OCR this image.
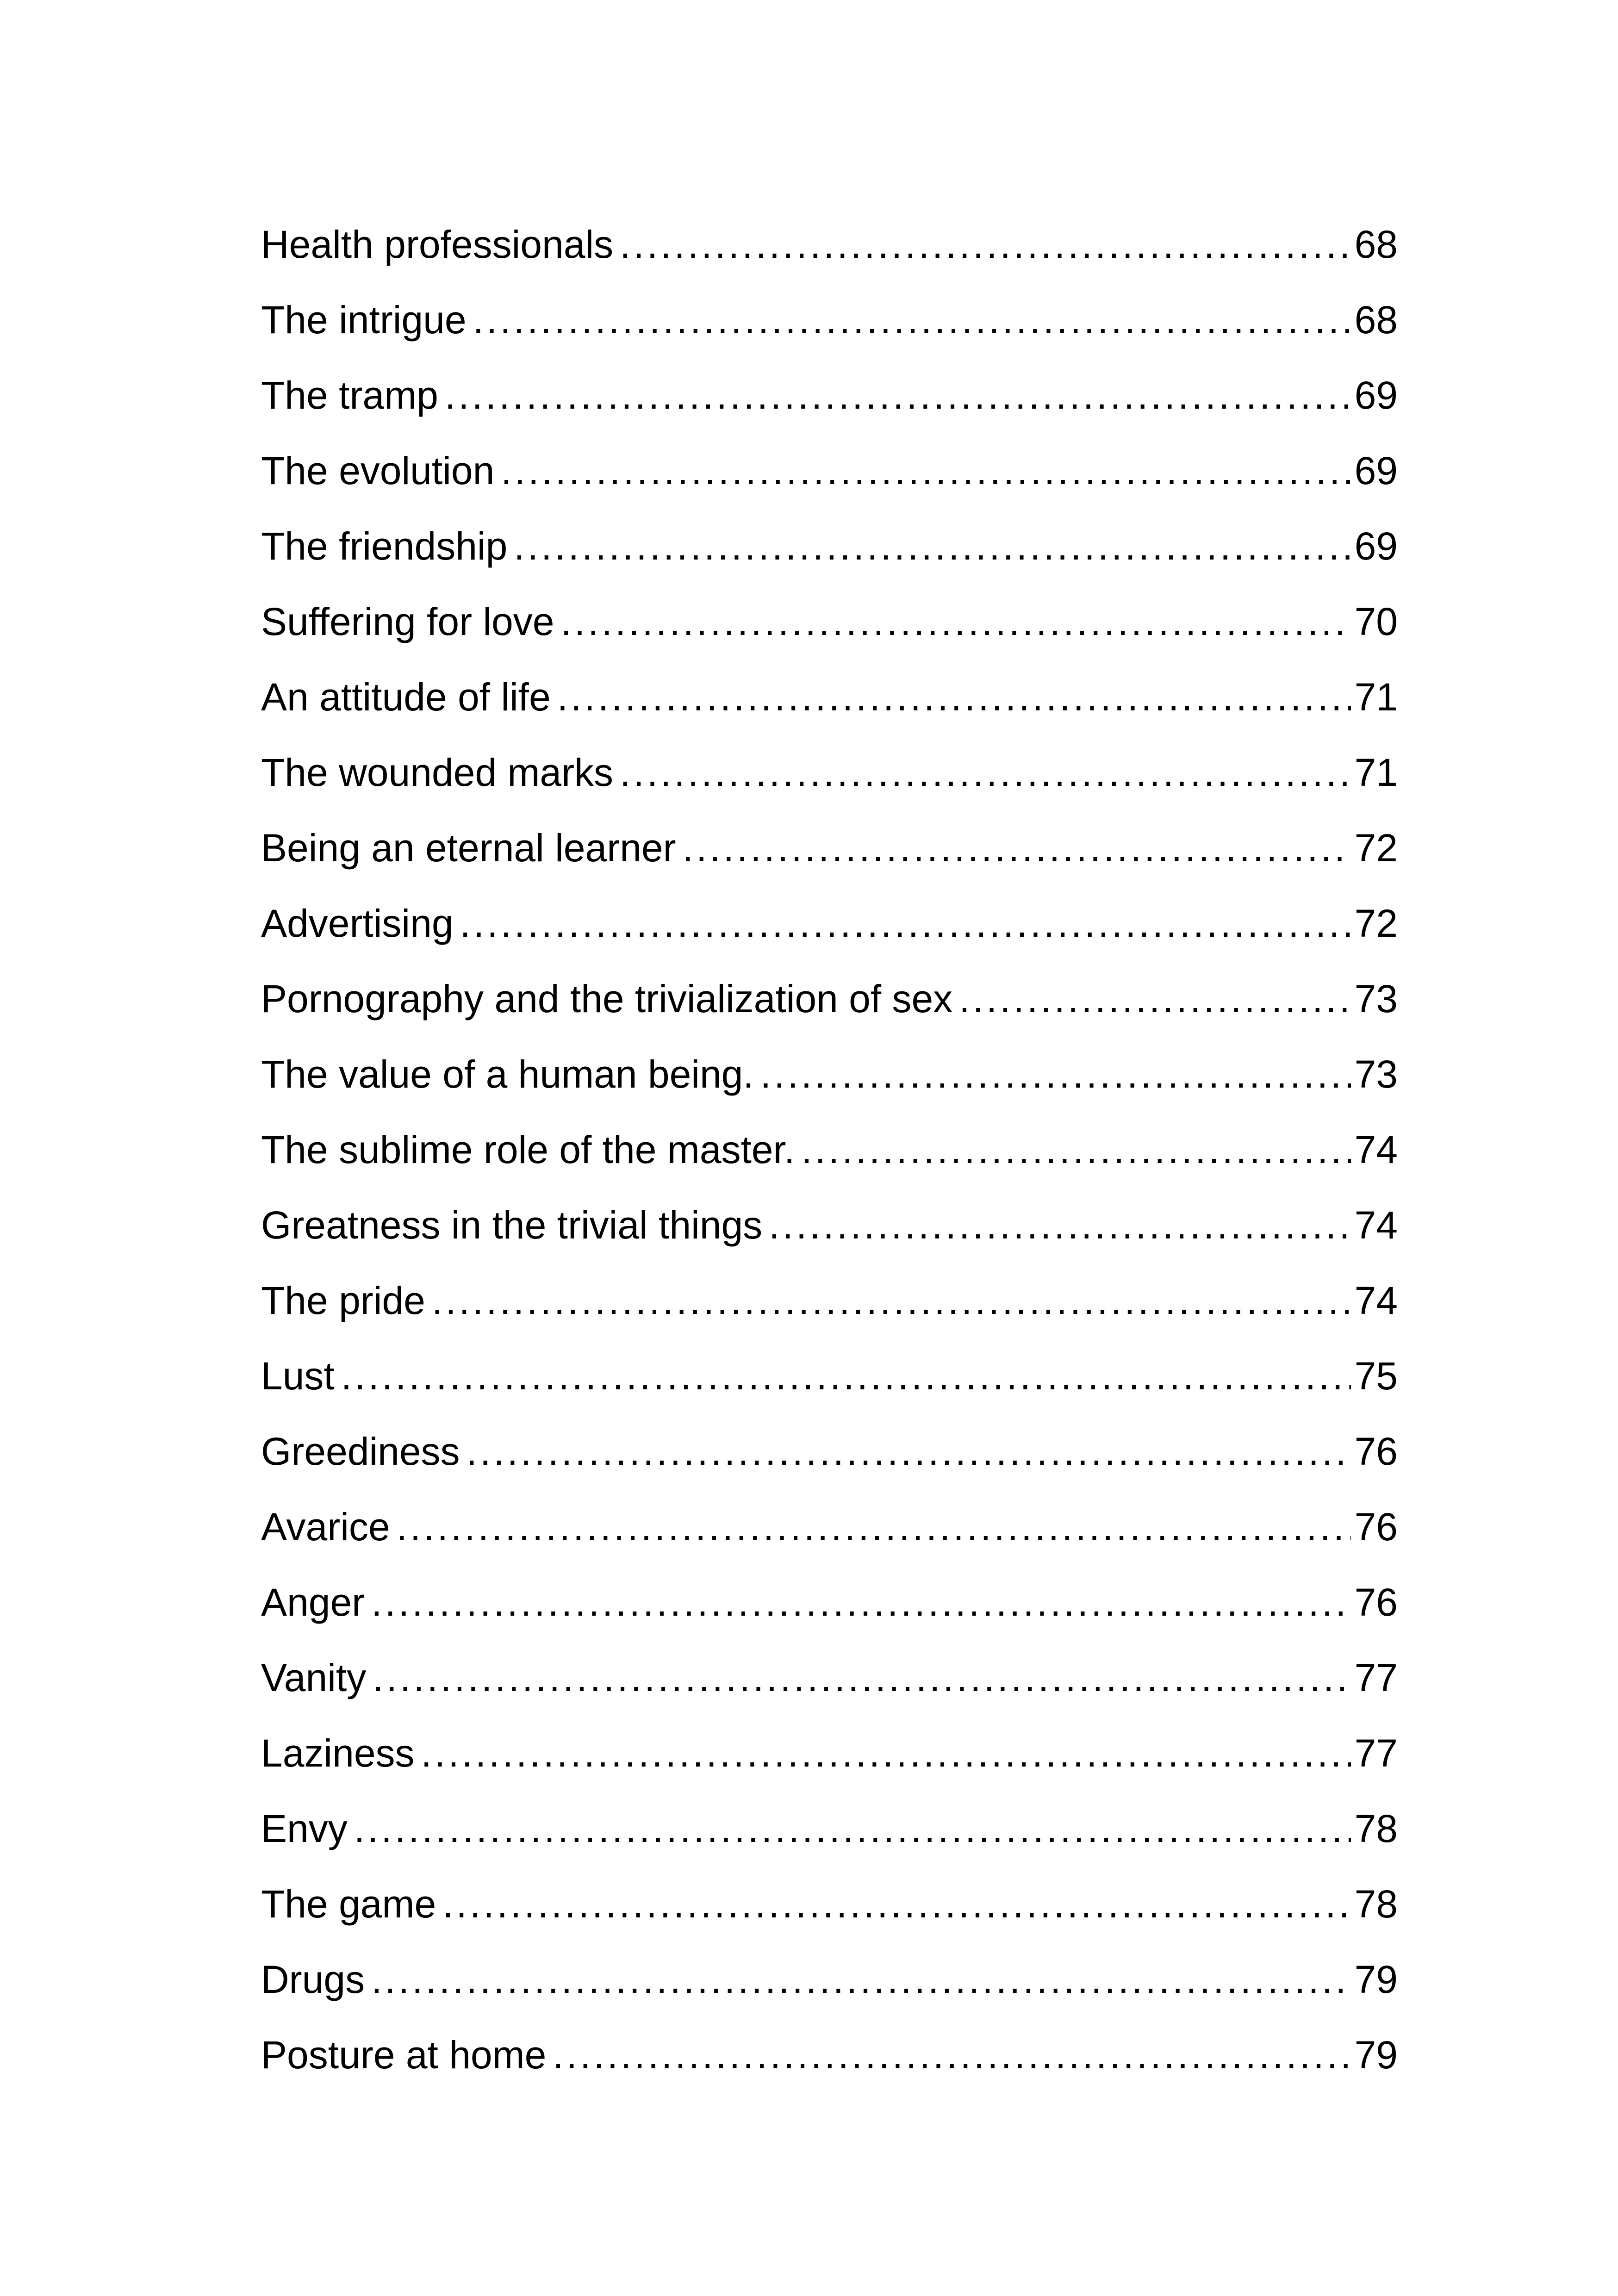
Health professionals .....	68
The intrigue .....	68
The tramp .....	69
The evolution .....	69
The friendship .....	69
Suffering for love .....	70
An attitude of life .....	71
The wounded marks .....	71
Being an eternal learner .....	72
Advertising .....	72
Pornography and the trivialization of sex .....	73
The value of a human being. .....	73
The sublime role of the master. .....	74
Greatness in the trivial things .....	74
The pride .....	74
Lust .....	75
Greediness .....	76
Avarice .....	76
Anger .....	76
Vanity .....	77
Laziness .....	77
Envy .....	78
The game .....	78
Drugs .....	79
Posture at home .....	79
